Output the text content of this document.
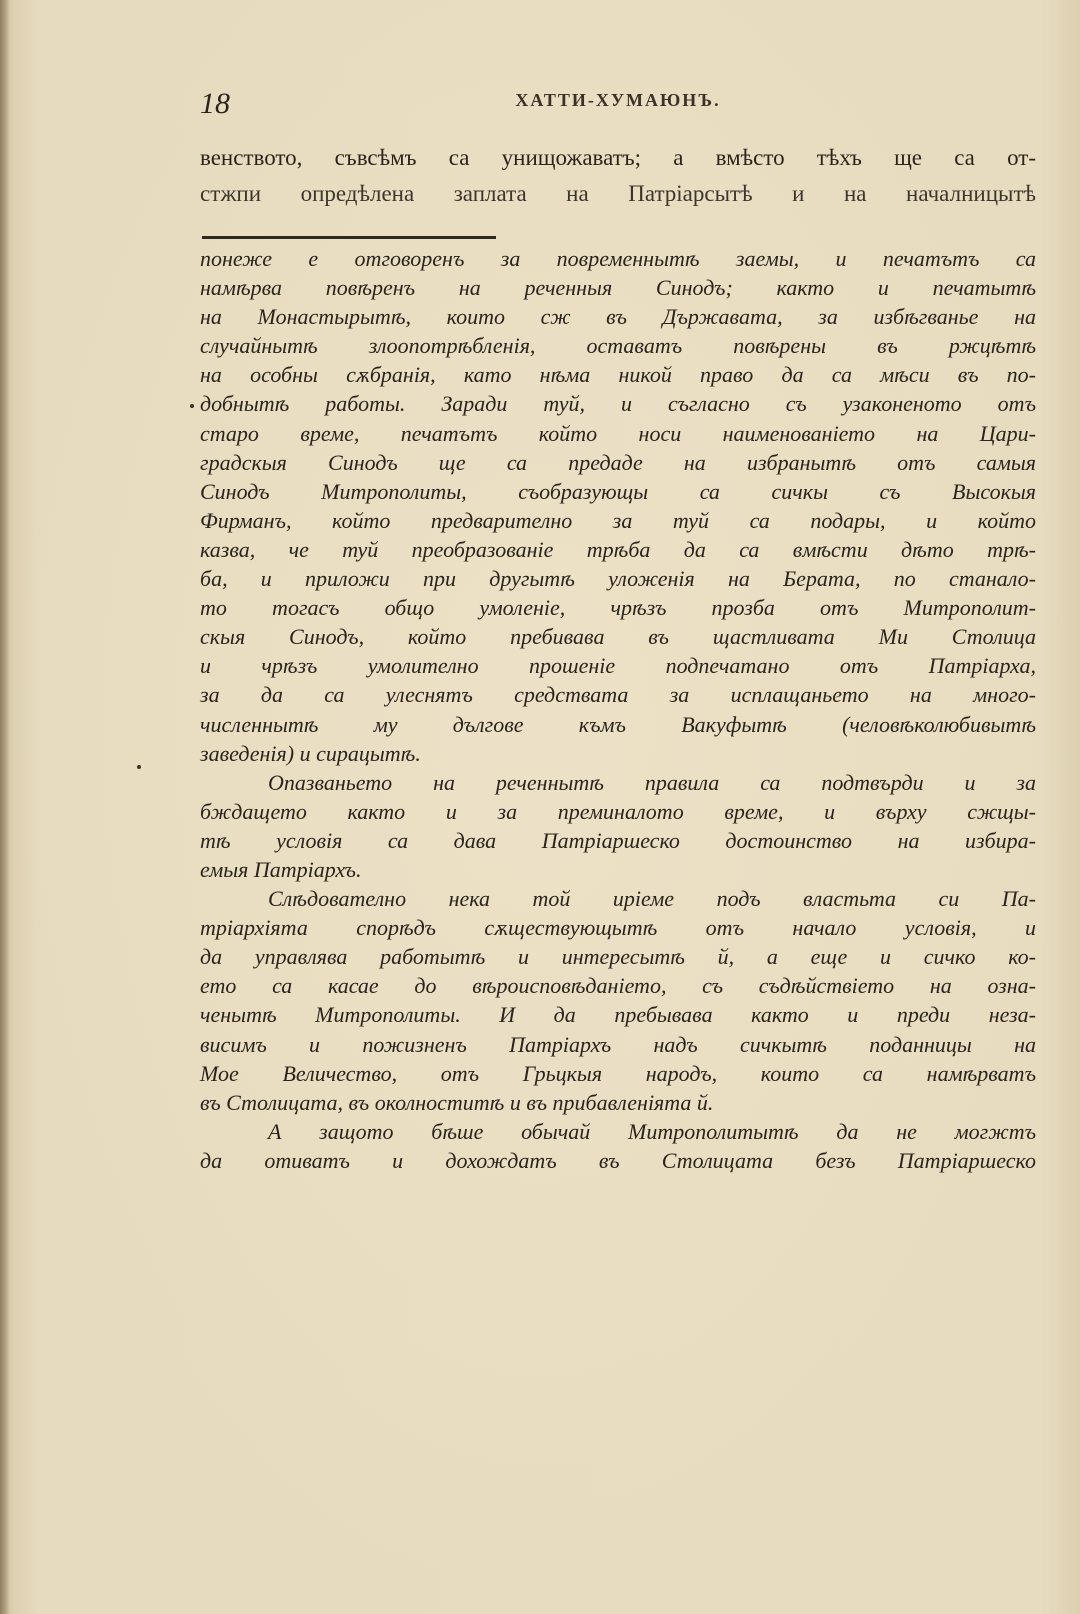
18	ХАТТИ-ХУМАЮНЪ.
венството, съвсѣмъ са унищожаватъ; а вмѣсто тѣхъ ще са от-
стжпи опредѣлена заплата на Патріарсытѣ и на началницытѣ
понеже е отговоренъ за повременнытѣ заемы, и печатътъ са
намѣрва повѣренъ на реченныя Синодъ; както и печатытѣ
на Монастырытѣ, които сж въ Държавата, за избѣгванье на
случайнытѣ злоопотрѣбленія, оставатъ повѣрены въ ржцѣтѣ
на особны сѫбранія, като нѣма никой право да са мѣси въ по-
добнытѣ работы. Заради туй, и съгласно съ узаконеното отъ
старо време, печатътъ който носи наименованіето на Цари-
градскыя Синодъ ще са предаде на избранытѣ отъ самыя
Синодъ Митрополиты, съобразующы са сичкы съ Высокыя
Фирманъ, който предварително за туй са подары, и който
казва, че туй преобразованіе трѣба да са вмѣсти дѣто трѣ-
ба, и приложи при другытѣ уложенія на Берата, по станало-
то тогасъ общо умоленіе, чрѣзъ прозба отъ Митрополит-
скыя Синодъ, който пребивава въ щастливата Ми Столица
и чрѣзъ умолително прошеніе подпечатано отъ Патріарха,
за да са улеснятъ средствата за исплащаньето на много-
численнытѣ му дългове къмъ Вакуфытѣ (человѣколюбивытѣ
заведенія) и сирацытѣ.
Опазваньето на реченнытѣ правила са подтвърди и за
бждащето както и за преминалото време, и върху сжщы-
тѣ условія са дава Патріаршеско достоинство на избира-
емыя Патріархъ.
Слѣдователно нека той иріеме подъ властьта си Па-
тріархіята спорѣдъ сѫществующытѣ отъ начало условія, и
да управлява работытѣ и интересытѣ й, а еще и сичко ко-
ето са касае до вѣроисповѣданіето, съ съдѣйствіето на озна-
ченытѣ Митрополиты. И да пребывава както и преди неза-
висимъ и пожизненъ Патріархъ надъ сичкытѣ поданницы на
Мое Величество, отъ Грьцкыя народъ, които са намѣрватъ
въ Столицата, въ околноститѣ и въ прибавленіята й.
А защото бѣше обычай Митрополитытѣ да не могжтъ
да отиватъ и дохождатъ въ Столицата безъ Патріаршеско
